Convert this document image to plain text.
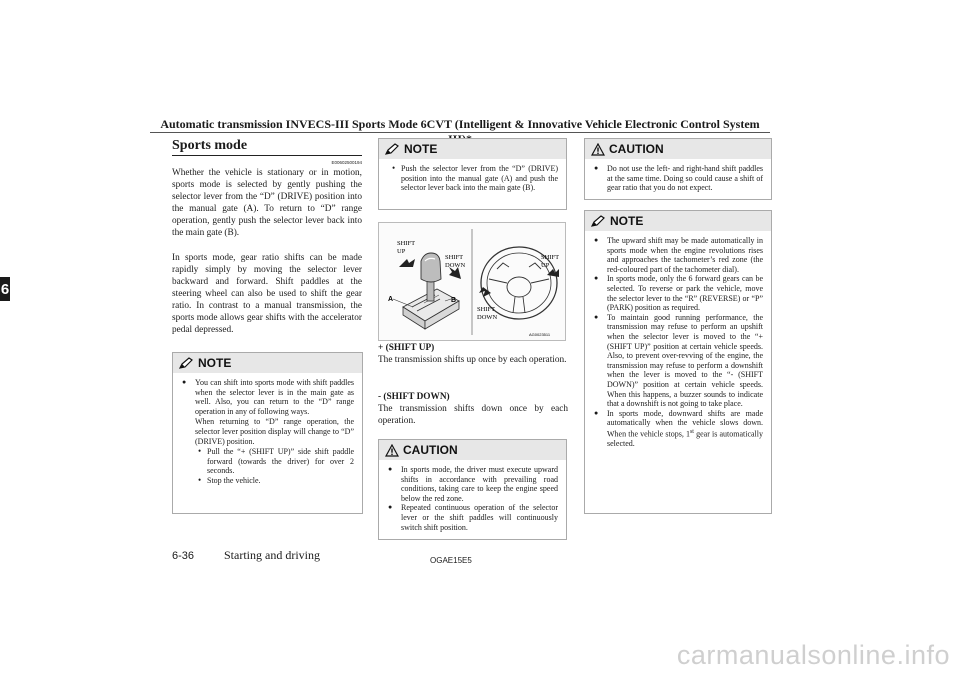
Automatic transmission INVECS-III Sports Mode 6CVT (Intelligent & Innovative Vehicle Electronic Control System
6
Sports mode
E00602500194
Whether the vehicle is stationary or in motion, sports mode is selected by gently pushing the selector lever from the “D” (DRIVE) position into the manual gate (A). To return to “D” range operation, gently push the selector lever back into the main gate (B).
In sports mode, gear ratio shifts can be made rapidly simply by moving the selector lever backward and forward. Shift paddles at the steering wheel can also be used to shift the gear ratio. In contrast to a manual transmission, the sports mode allows gear shifts with the accelerator pedal depressed.
NOTE

● You can shift into sports mode with shift paddles when the selector lever is in the main gate as well. Also, you can return to the “D” range operation in any of following ways.

When returning to “D” range operation, the selector lever position display will change to “D” (DRIVE) position.

• Pull the “+ (SHIFT UP)” side shift paddle forward (towards the driver) for over 2 seconds.
• Stop the vehicle.
NOTE
• Push the selector lever from the “D” (DRIVE) position into the manual gate (A) and push the selector lever back into the main gate (B).
SHIFT
UP
SHIFT
DOWN
A	B
SHIFT
UP
SHIFT
DOWN
AG0023511
+ (SHIFT UP)
The transmission shifts up once by each operation.
- (SHIFT DOWN)
The transmission shifts down once by each operation.
CAUTION
● In sports mode, the driver must execute upward shifts in accordance with prevailing road conditions, taking care to keep the engine speed below the red zone.
● Repeated continuous operation of the selector lever or the shift paddles will continuously switch shift position.
CAUTION
● Do not use the left- and right-hand shift paddles at the same time. Doing so could cause a shift of gear ratio that you do not expect.
NOTE
● The upward shift may be made automatically in sports mode when the engine revolutions rises and approaches the tachometer’s red zone (the red-coloured part of the tachometer dial).
● In sports mode, only the 6 forward gears can be selected. To reverse or park the vehicle, move the selector lever to the “R” (REVERSE) or “P” (PARK) position as required.
● To maintain good running performance, the transmission may refuse to perform an upshift when the selector lever is moved to the “+ (SHIFT UP)” position at certain vehicle speeds. Also, to prevent over-revving of the engine, the transmission may refuse to perform a downshift when the lever is moved to the “- (SHIFT DOWN)” position at certain vehicle speeds. When this happens, a buzzer sounds to indicate that a downshift is not going to take place.
● In sports mode, downward shifts are made automatically when the vehicle slows down. When the vehicle stops, 1st gear is automatically selected.
6-36 Starting and driving	OGAE15E5
carmanualsonline.info
